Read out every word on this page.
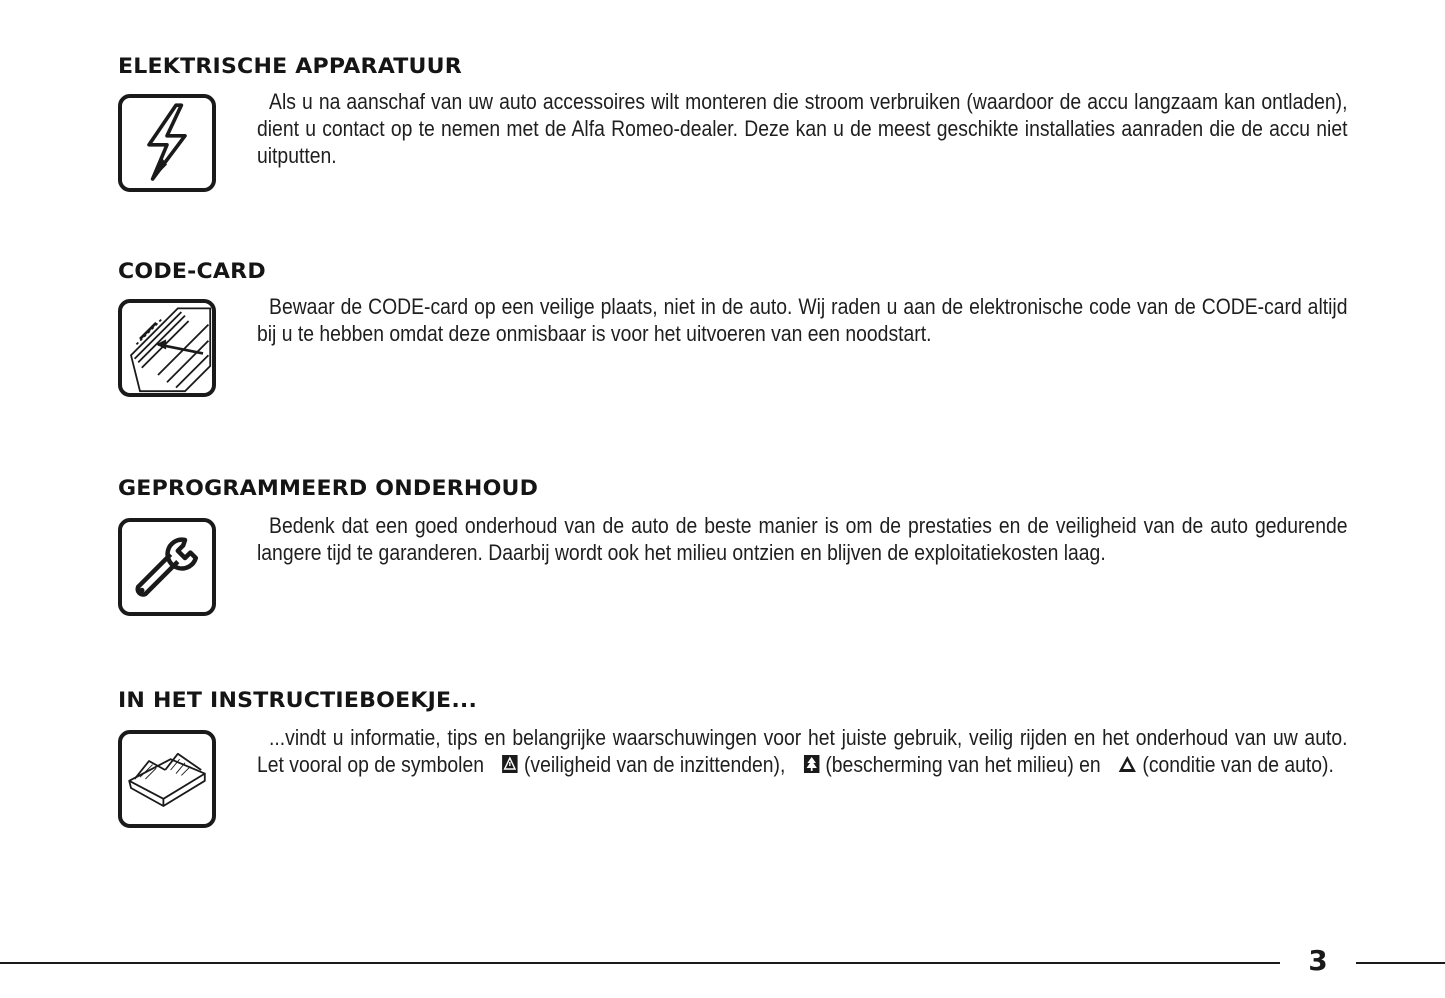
ELEKTRISCHE APPARATUUR

Als u na aanschaf van uw auto accessoires wilt monteren die stroom verbruiken (waardoor de accu langzaam kan ontladen), dient u contact op te nemen met de Alfa Romeo-dealer. Deze kan u de meest geschikte installaties aanraden die de accu niet uitputten.

CODE-CARD

Bewaar de CODE-card op een veilige plaats, niet in de auto. Wij raden u aan de elektronische code van de CODE-card altijd bij u te hebben omdat deze onmisbaar is voor het uitvoeren van een noodstart.

GEPROGRAMMEERD ONDERHOUD

Bedenk dat een goed onderhoud van de auto de beste manier is om de prestaties en de veiligheid van de auto gedurende langere tijd te garanderen. Daarbij wordt ook het milieu ontzien en blijven de exploitatiekosten laag.

IN HET INSTRUCTIEBOEKJE...

...vindt u informatie, tips en belangrijke waarschuwingen voor het juiste gebruik, veilig rijden en het onderhoud van uw auto. Let vooral op de symbolen  (veiligheid van de inzittenden),  (bescherming van het milieu) en  (conditie van de auto).

3
